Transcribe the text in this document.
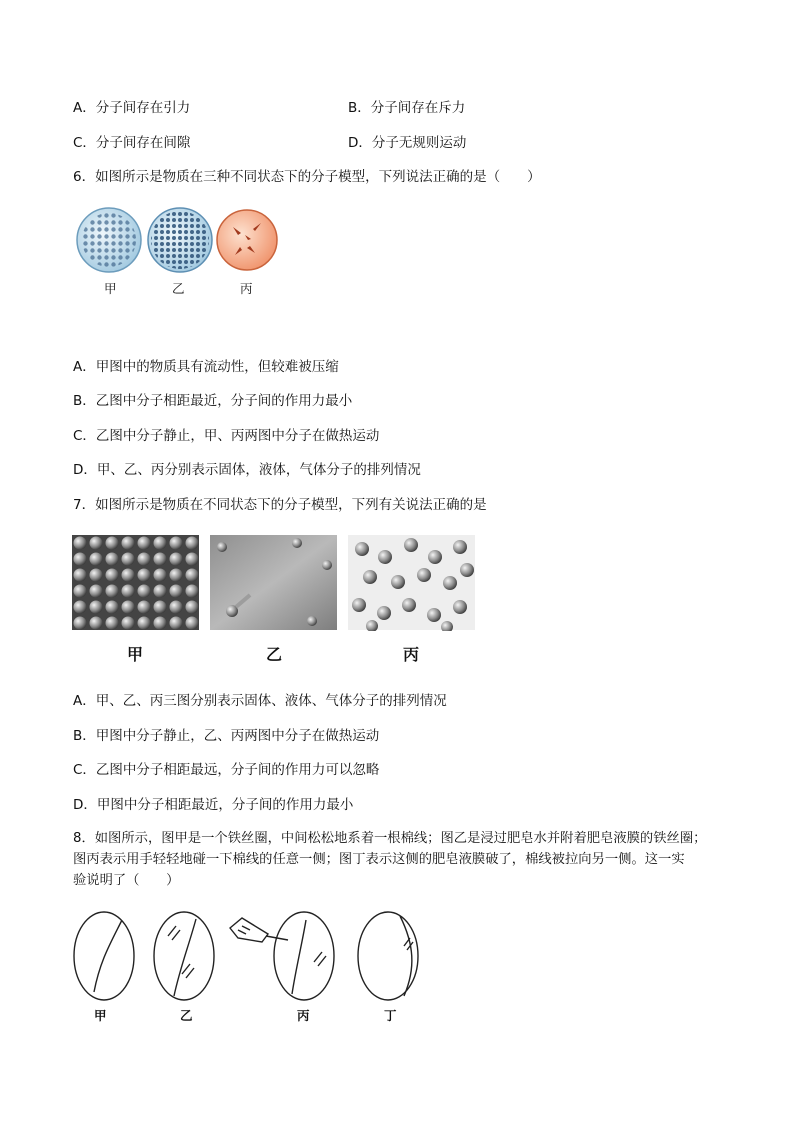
A．分子间存在引力	B．分子间存在斥力
C．分子间存在间隙	D．分子无规则运动
6．如图所示是物质在三种不同状态下的分子模型，下列说法正确的是（　　）
甲	乙	丙
A．甲图中的物质具有流动性，但较难被压缩
B．乙图中分子相距最近，分子间的作用力最小
C．乙图中分子静止，甲、丙两图中分子在做热运动
D．甲、乙、丙分别表示固体，液体，气体分子的排列情况
7．如图所示是物质在不同状态下的分子模型，下列有关说法正确的是
甲	乙	丙
A．甲、乙、丙三图分别表示固体、液体、气体分子的排列情况
B．甲图中分子静止，乙、丙两图中分子在做热运动
C．乙图中分子相距最远，分子间的作用力可以忽略
D．甲图中分子相距最近，分子间的作用力最小
8．如图所示，图甲是一个铁丝圈，中间松松地系着一根棉线；图乙是浸过肥皂水并附着肥皂液膜的铁丝圈；
图丙表示用手轻轻地碰一下棉线的任意一侧；图丁表示这侧的肥皂液膜破了，棉线被拉向另一侧。这一实
验说明了（　　）
甲	乙	丙	丁
